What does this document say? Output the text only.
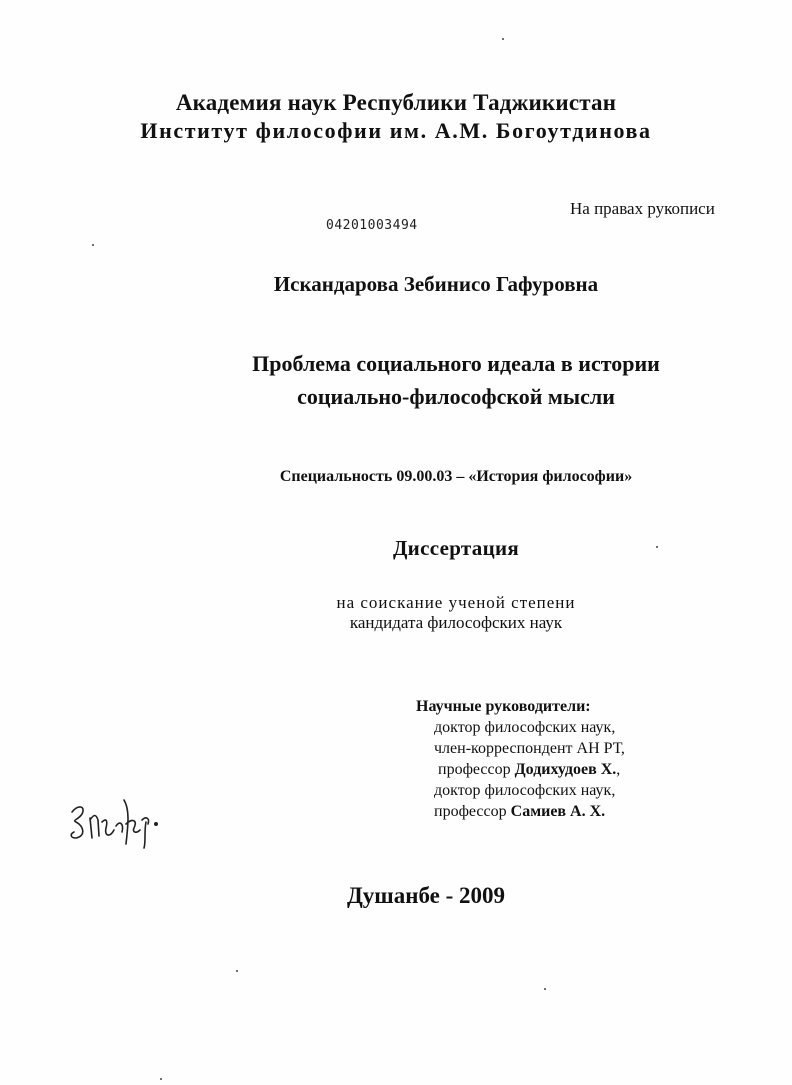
Академия наук Республики Таджикистан
Институт философии им. А.М. Богоутдинова
На правах рукописи
04201003494
Искандарова Зебинисо Гафуровна
Проблема социального идеала в истории
социально-философской мысли
Специальность 09.00.03 – «История философии»
Диссертация
на соискание ученой степени
кандидата философских наук
Научные руководители:
доктор философских наук,
член-корреспондент АН РТ,
профессор Додихудоев Х.,
доктор философских наук,
профессор Самиев А. Х.
Душанбе - 2009
